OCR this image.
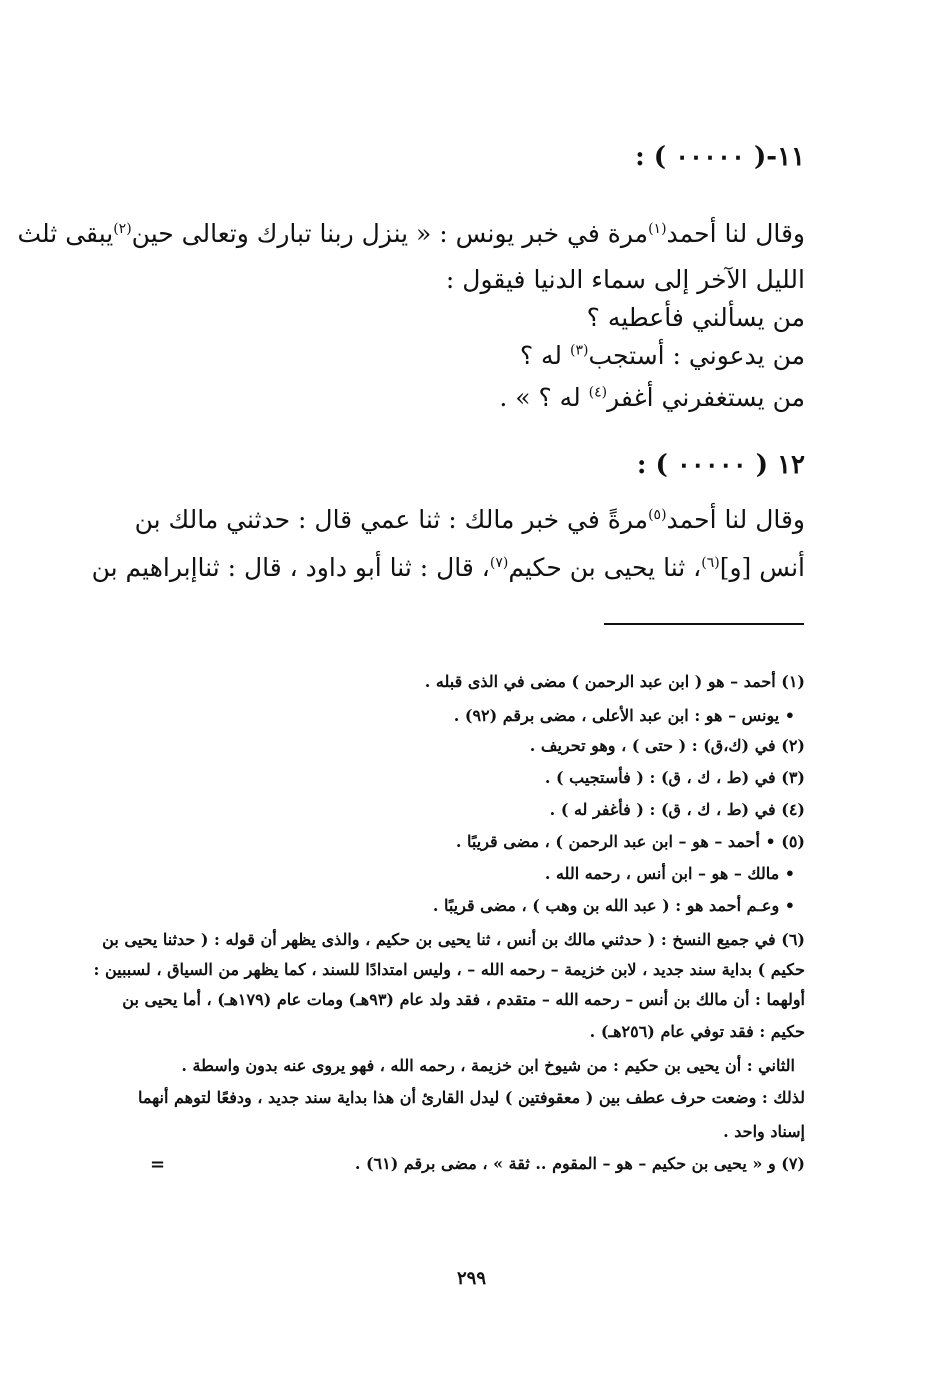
١١-( ٠٠٠٠٠ ) :
وقال لنا أحمد(١)
مرة في خبر يونس : « ينزل ربنا تبارك وتعالى حين
(٢)يبقى ثلث
الليل الآخر إلى سماء الدنيا فيقول :
من يسألني فأعطيه ؟
من يدعوني : أستجب$^{(٣)}$ له ؟
من يستغفرني أغفر$^{(٤)}$ له ؟ » .
١٢ ( ٠٠٠٠٠ ) :
وقال لنا أحمد(٥)
مرةً في خبر مالك : ثنا عمي قال : حدثني مالك بن
أنس [و](٦)
، ثنا يحيى بن حكيم(٧)
، قال : ثنا أبو داود ، قال : ثناإبراهيم بن
(١) أحمد – هو ( ابن عبد الرحمن ) مضى في الذى قبله .
• يونس – هو : ابن عبد الأعلى ، مضى برقم (٩٢) .
(٢) في (ك،ق) : ( حتى ) ، وهو تحريف .
(٣) في (ط ، ك ، ق) : ( فأستجيب ) .
(٤) في (ط ، ك ، ق) : ( فأغفر له ) .
(٥) • أحمد – هو – ابن عبد الرحمن ) ، مضى قريبًا .
• مالك – هو – ابن أنس ، رحمه الله .
• وعـم أحمد هو : ( عبد الله بن وهب ) ، مضى قريبًا .
(٦) في جميع النسخ : ( حدثني مالك بن أنس ، ثنا يحيى بن حكيم ، والذى يظهر أن قوله : ( حدثنا يحيى بن
حكيم ) بداية سند جديد ، لابن خزيمة – رحمه الله – ، وليس امتدادًا للسند ، كما يظهر من السياق ، لسببين :
أولهما : أن مالك بن أنس – رحمه الله – متقدم ، فقد ولد عام (٩٣هـ) ومات عام (١٧٩هـ) ، أما يحيى بن
حكيم : فقد توفي عام (٢٥٦هـ) .
الثاني : أن يحيى بن حكيم : من شيوخ ابن خزيمة ، رحمه الله ، فهو يروى عنه بدون واسطة .
لذلك : وضعت حرف عطف بين ( معقوفتين ) ليدل القارئ أن هذا بداية سند جديد ، ودفعًا لتوهم أنهما
إسناد واحد .
(٧) و « يحيى بن حكيم – هو – المقوم .. ثقة » ، مضى برقم (٦١) .
=
٢٩٩
